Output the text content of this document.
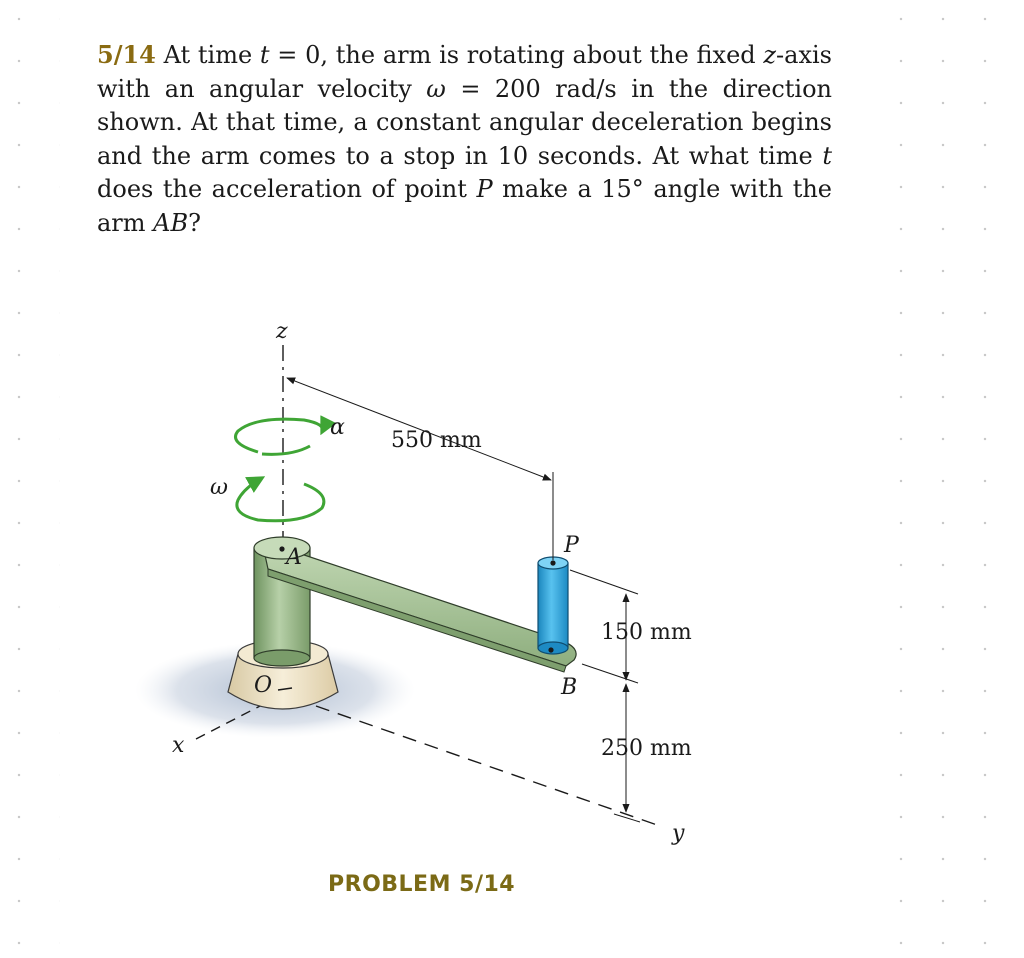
5/14 At time t = 0, the arm is rotating about the fixed z-axis with an angular velocity ω = 200 rad/s in the direction shown. At that time, a constant angular deceleration begins and the arm comes to a stop in 10 seconds. At what time t does the acceleration of point P make a 15° angle with the arm AB?

z
α
550 mm
ω
A	P
150 mm
O	B
x	250 mm
y
PROBLEM 5/14
